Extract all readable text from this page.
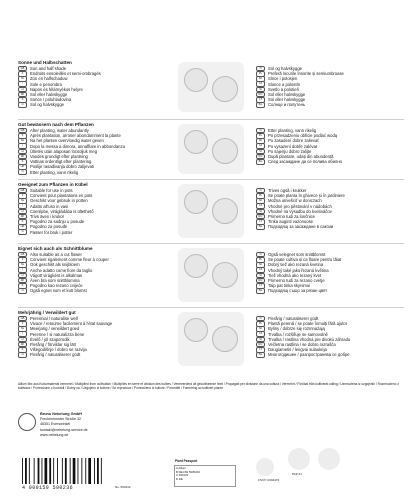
Sonne und Halbschatten
GB	Sun and half shade
F	Endroits ensoleillés et semi-ombragés
NL	Zon en halfschaduw
I	Sole e penombra
H	Napos és félárnyékos helyre
DK	Sol eller halvskygge
S	Sonce / poluhladovina
N	Sol og halvskygge
N	Sol og halvskygge
PL	Preferă locurile însorite și semiumbroase
SK	Slnce i polosjen
CZ	Slunce a polostín
SI	Svetlo a polotieň
RO	Sol eller halvskygge
LT	Sol eller halvskygge
BG	Солнце и полутень
Gut bewässern nach dem Pflanzen
GB	After planting, water abundantly
F	Après plantation, arroser abondamment la plante
NL	Na het planten overvloedig water geven
I	Dopo la messa a dimora, annaffiare in abbondanza
H	Ültetés után alaposan locsoljuk meg
DK	Vandes grundigt efter plantning
S	Vattnas ordentligt efter plantering
HR	Poslije rasađivanja dobro zalijevati
N	Etter planting, vann rikelig
N	Etter planting, vann rikelig
PL	Po przesadzeniu obficie podlać wodą
SK	Po zasadení dobre zalievať
CZ	Po vysazení dobře zalévat
SI	Po sajenju dobro zalijte
RO	După plantare, udați din abundență
BG	След засаждане да се полива обилно
Geeignet zum Pflanzen in Kübel
GB	Suitable for use in pots
F	Convient pour plantations en pots
NL	Geschikt voor gebruik in potten
I	Adatto all'uso in vasi
H	Cserépbe, virágládába is ültethető
DK	Trivs även i krukor
S	Pogodno za sadnju u posude
HR	Pogodno za posuđe
N	Passer for bruk i potter
N	Trives også i krukker
PL	Se poate planta în ghivece și în jardiniere
SK	Možna umiešciť w doniczach
CZ	Vhodné pro pěstování v nádobách
SI	Vhodné na výsadbu do kvetináčov
RO	Primerno tudi za lončnice
LT	Tinka auginti vazonuose
BG	Подходящ за засаждане в саксии
Eignet sich auch als Schnittblume
GB	Also suitable as a cut flower
F	Convient également comme fleur à couper
NL	Ook geschikt als snijbloem
I	Anche adatto come fiore da taglio
H	Vágott virágként is alkalmas
DK	Även bra som snittblomma
S	Pogodno kao rezano cvijeće
N	Også egnet som et kutt blomst
N	Også velegnet som snittblomst
PL	Se poate cultiva și ca floare pentru tăiat
SK	Dobrý tiež ako rezaná kvetina
CZ	Vhodný také jako řezaná květina
SI	Tiež vhodná ako rezaný kvet
RO	Primerno tudi za rezano cvetje
LT	Taip pat tinka skynimui
BG	Подходящ също за рязан цвят
Mehrjährig / Verwildert gut
GB	Perennial / naturalise well
F	Vivace / retourne facilement à l'état sauvage
NL	Meerjarig / verwildert goed
I	Perenne / si naturalizza bene
H	Évelő / jól szaporodik
DK	Flerårig / förvildar sig lätt
S	Višegodišnje / dobro se razvija
N	Flerårig / naturaliserer godt
N	Flerårig / naturaliserer godt
PL	Plantă perenă / se poate înmulți fără ajutor
SK	Byliny / dobrze się rozmnażają
CZ	Trvalka / rozšiřuje se samovolně
SI	Trvalka / rastlina vhodná pre divokú záhradu
RO	Večletna rastlina / se dobro razrašča
LT	Daugiametis / lengvai sulaukėja
BG	Многогодишен / разпространява се добре
Allium Mix aus Kulturmaterial vermehrt / Multiplied from cultivation / Multipliés en serre et division des bulbes / Vermeerderd uit gecultiveerde teelt / Propagati per divisione da una coltura / Vermehrt / Förökat från kultiverat odling / Uzmnožena iz uzgojenih / Rozmnoženo z kultivace / Pomnożone z hodowli / Dobrý na / Uzgojeno iz kulture / Se reproduce / Pomnoženo iz kulture / Forredlet / Formering av kultivert plante
Bruno Nebelung GmbH
Freckenhorster Straße 32
48351 Everswinkel
kontakt@nebelung-service.de
www.nebelung.de
4 000159 590236	No. 590132
Plant Passport
A Allium
B DE-NW 5905229
C 590132
D DE
PAP 21
FSC® C004472
